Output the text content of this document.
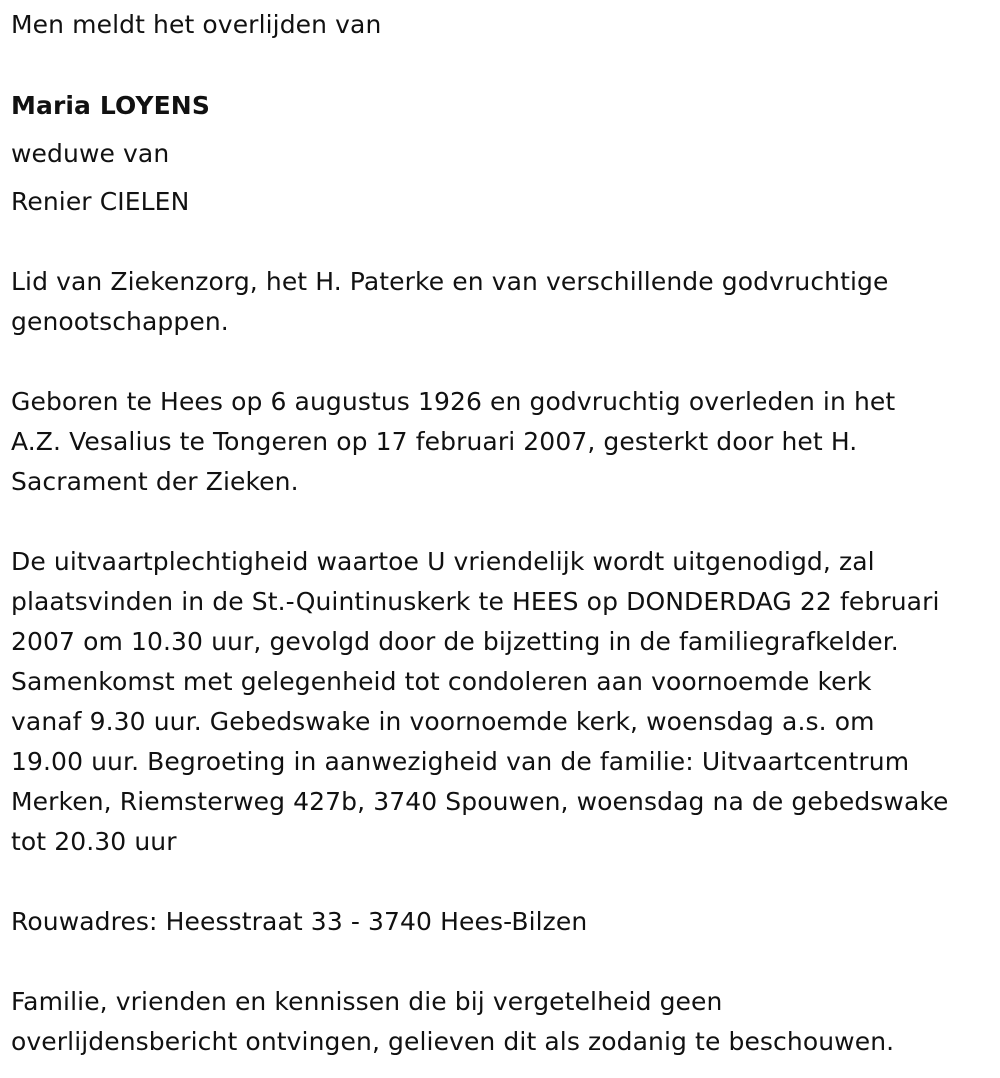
Men meldt het overlijden van
Maria LOYENS
weduwe van
Renier CIELEN
Lid van Ziekenzorg, het H. Paterke en van verschillende godvruchtige
genootschappen.
Geboren te Hees op 6 augustus 1926 en godvruchtig overleden in het
A.Z. Vesalius te Tongeren op 17 februari 2007, gesterkt door het H.
Sacrament der Zieken.
De uitvaartplechtigheid waartoe U vriendelijk wordt uitgenodigd, zal
plaatsvinden in de St.-Quintinuskerk te HEES op DONDERDAG 22 februari
2007 om 10.30 uur, gevolgd door de bijzetting in de familiegrafkelder.
Samenkomst met gelegenheid tot condoleren aan voornoemde kerk
vanaf 9.30 uur. Gebedswake in voornoemde kerk, woensdag a.s. om
19.00 uur. Begroeting in aanwezigheid van de familie: Uitvaartcentrum
Merken, Riemsterweg 427b, 3740 Spouwen, woensdag na de gebedswake
tot 20.30 uur
Rouwadres: Heesstraat 33 - 3740 Hees-Bilzen
Familie, vrienden en kennissen die bij vergetelheid geen
overlijdensbericht ontvingen, gelieven dit als zodanig te beschouwen.
